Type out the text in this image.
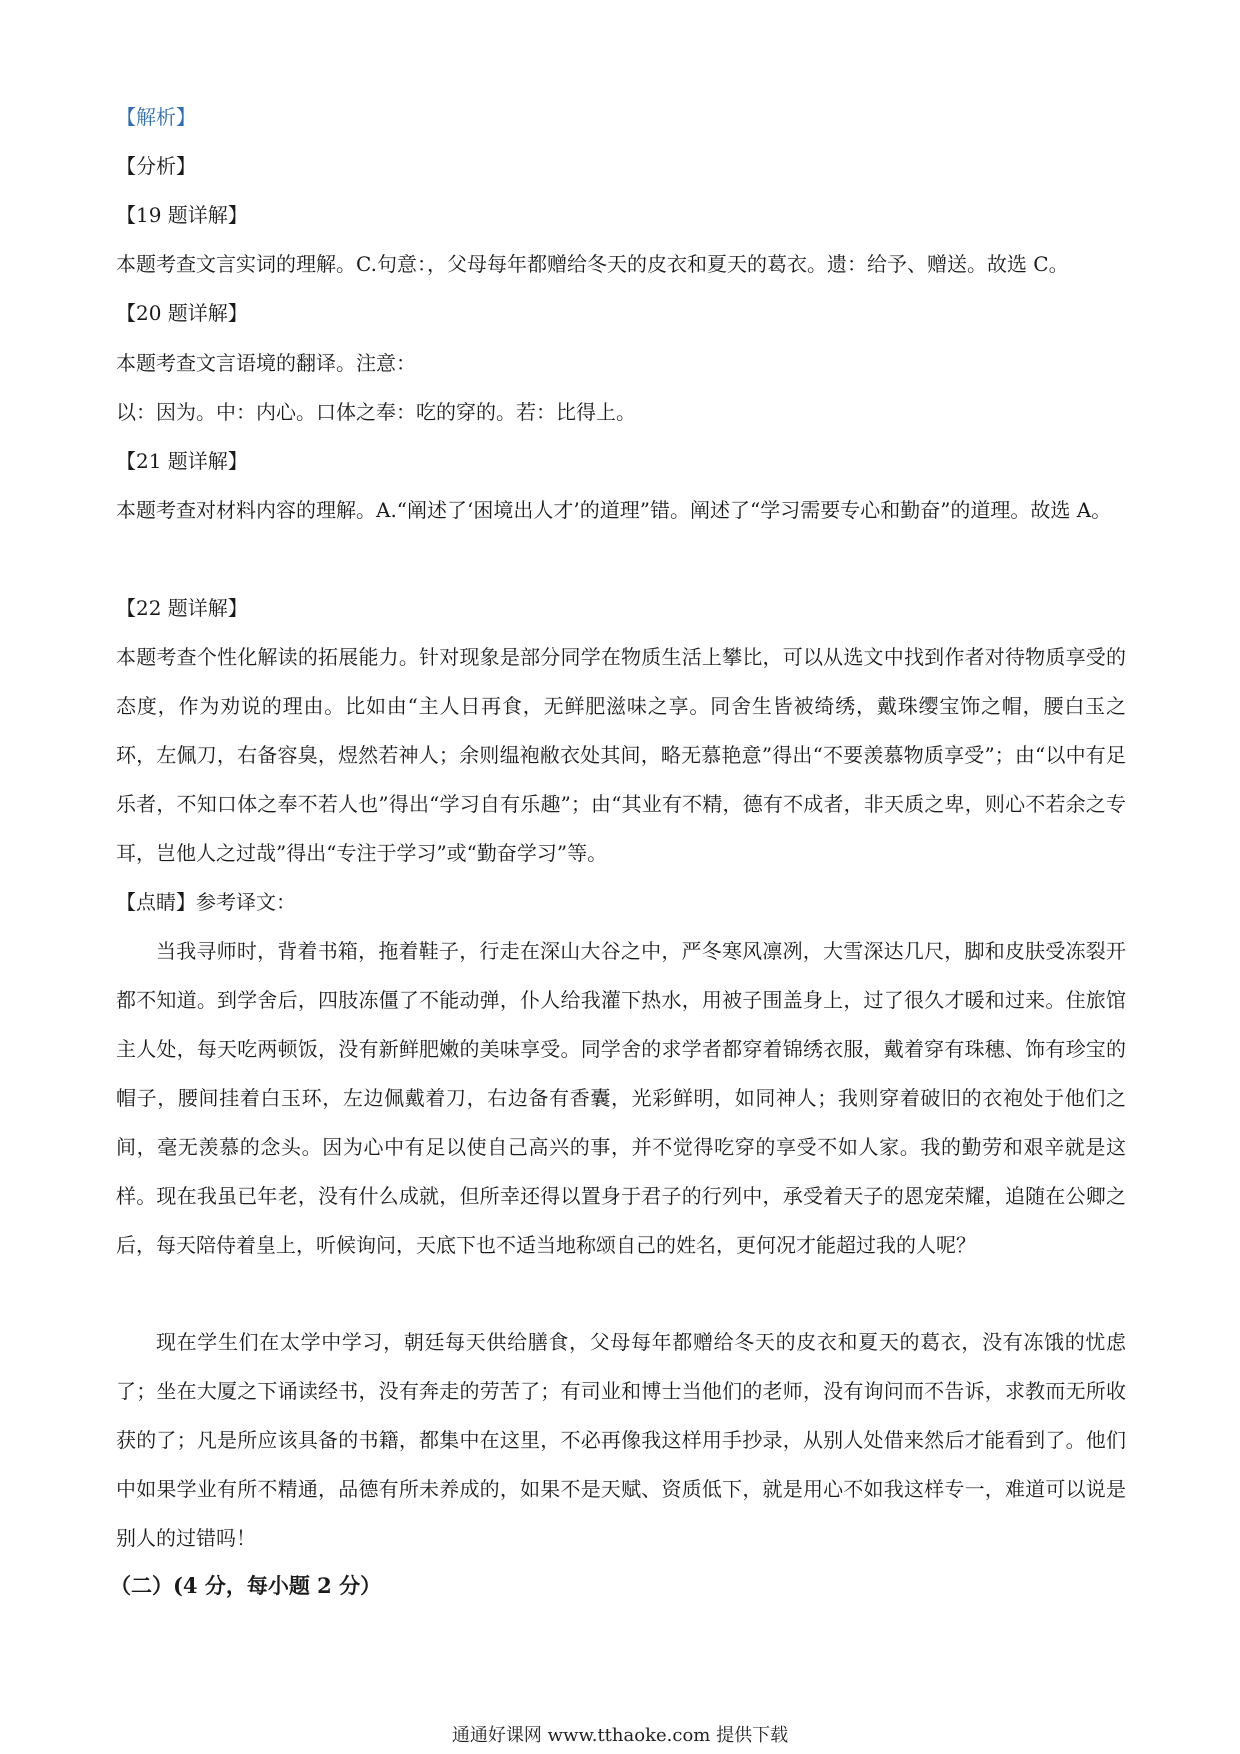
【解析】
【分析】
【19 题详解】
本题考查文言实词的理解。C.句意：，父母每年都赠给冬天的皮衣和夏天的葛衣。遗：给予、赠送。故选 C。
【20 题详解】
本题考查文言语境的翻译。注意：
以：因为。中：内心。口体之奉：吃的穿的。若：比得上。
【21 题详解】
本题考查对材料内容的理解。A.“阐述了‘困境出人才’的道理”错。阐述了“学习需要专心和勤奋”的道理。故选 A。
【22 题详解】
本题考查个性化解读的拓展能力。针对现象是部分同学在物质生活上攀比，可以从选文中找到作者对待物质享受的态度，作为劝说的理由。比如由“主人日再食，无鲜肥滋味之享。同舍生皆被绮绣，戴珠缨宝饰之帽，腰白玉之环，左佩刀，右备容臭，煜然若神人；余则缊袍敝衣处其间，略无慕艳意”得出“不要羡慕物质享受”；由“以中有足乐者，不知口体之奉不若人也”得出“学习自有乐趣”；由“其业有不精，德有不成者，非天质之卑，则心不若余之专耳，岂他人之过哉”得出“专注于学习”或“勤奋学习”等。
【点睛】参考译文：
当我寻师时，背着书箱，拖着鞋子，行走在深山大谷之中，严冬寒风凛冽，大雪深达几尺，脚和皮肤受冻裂开都不知道。到学舍后，四肢冻僵了不能动弹，仆人给我灌下热水，用被子围盖身上，过了很久才暖和过来。住旅馆主人处，每天吃两顿饭，没有新鲜肥嫩的美味享受。同学舍的求学者都穿着锦绣衣服，戴着穿有珠穗、饰有珍宝的帽子，腰间挂着白玉环，左边佩戴着刀，右边备有香囊，光彩鲜明，如同神人；我则穿着破旧的衣袍处于他们之间，毫无羡慕的念头。因为心中有足以使自己高兴的事，并不觉得吃穿的享受不如人家。我的勤劳和艰辛就是这样。现在我虽已年老，没有什么成就，但所幸还得以置身于君子的行列中，承受着天子的恩宠荣耀，追随在公卿之后，每天陪侍着皇上，听候询问，天底下也不适当地称颂自己的姓名，更何况才能超过我的人呢？
现在学生们在太学中学习，朝廷每天供给膳食，父母每年都赠给冬天的皮衣和夏天的葛衣，没有冻饿的忧虑了；坐在大厦之下诵读经书，没有奔走的劳苦了；有司业和博士当他们的老师，没有询问而不告诉，求教而无所收获的了；凡是所应该具备的书籍，都集中在这里，不必再像我这样用手抄录，从别人处借来然后才能看到了。他们中如果学业有所不精通，品德有所未养成的，如果不是天赋、资质低下，就是用心不如我这样专一，难道可以说是别人的过错吗！
（二）(4 分，每小题 2 分）
通通好课网 www.tthaoke.com 提供下载
